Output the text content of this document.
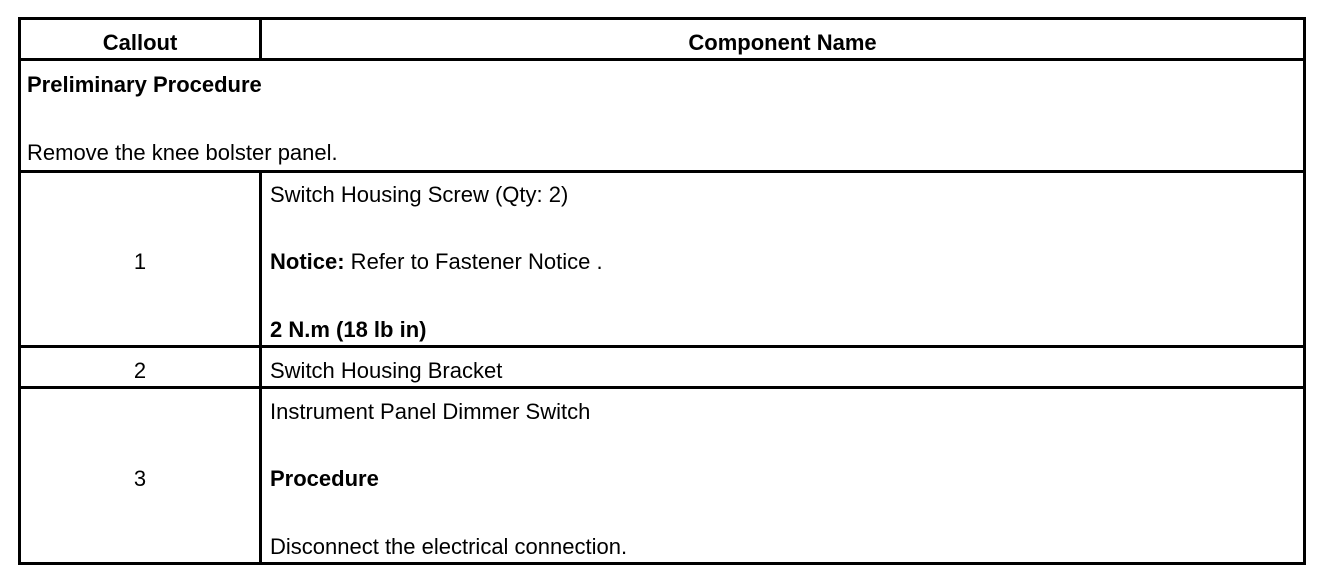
Callout	Component Name
Preliminary Procedure
Remove the knee bolster panel.
1
Switch Housing Screw (Qty: 2)
Notice: Refer to Fastener Notice .
2 N.m (18 lb in)
2	Switch Housing Bracket
3
Instrument Panel Dimmer Switch
Procedure
Disconnect the electrical connection.
